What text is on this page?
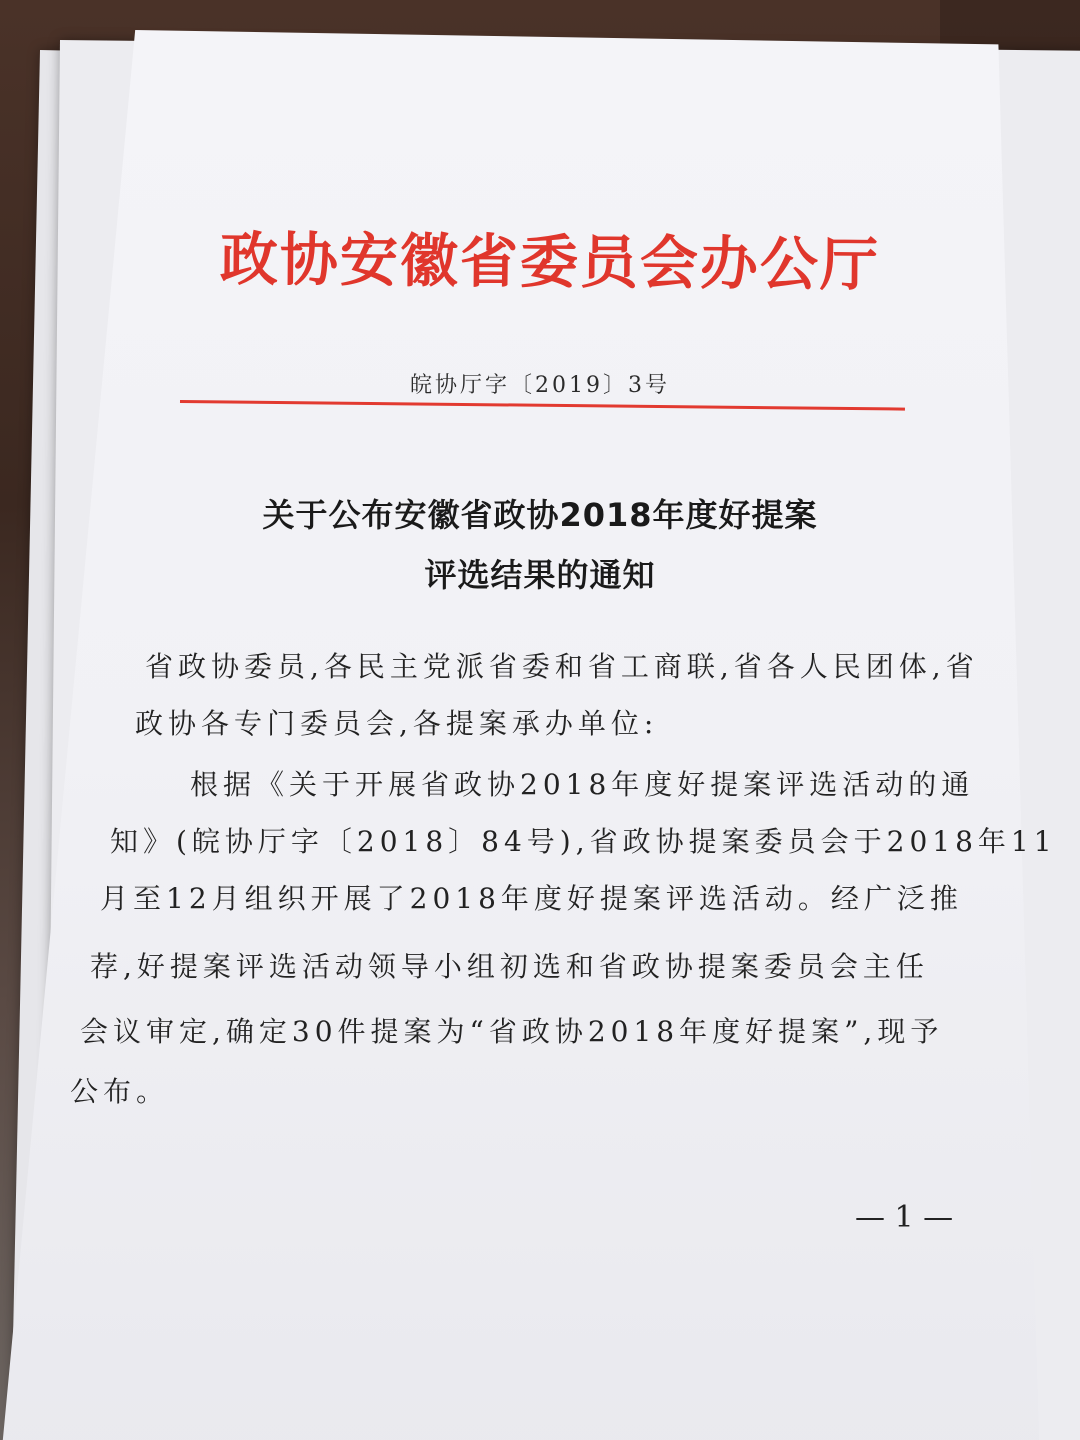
政协安徽省委员会办公厅
皖协厅字〔2019〕3号
关于公布安徽省政协2018年度好提案
评选结果的通知
省政协委员,各民主党派省委和省工商联,省各人民团体,省
政协各专门委员会,各提案承办单位:
根据《关于开展省政协2018年度好提案评选活动的通
知》(皖协厅字〔2018〕84号),省政协提案委员会于2018年11
月至12月组织开展了2018年度好提案评选活动。经广泛推
荐,好提案评选活动领导小组初选和省政协提案委员会主任
会议审定,确定30件提案为“省政协2018年度好提案”,现予
公布。
— 1 —
